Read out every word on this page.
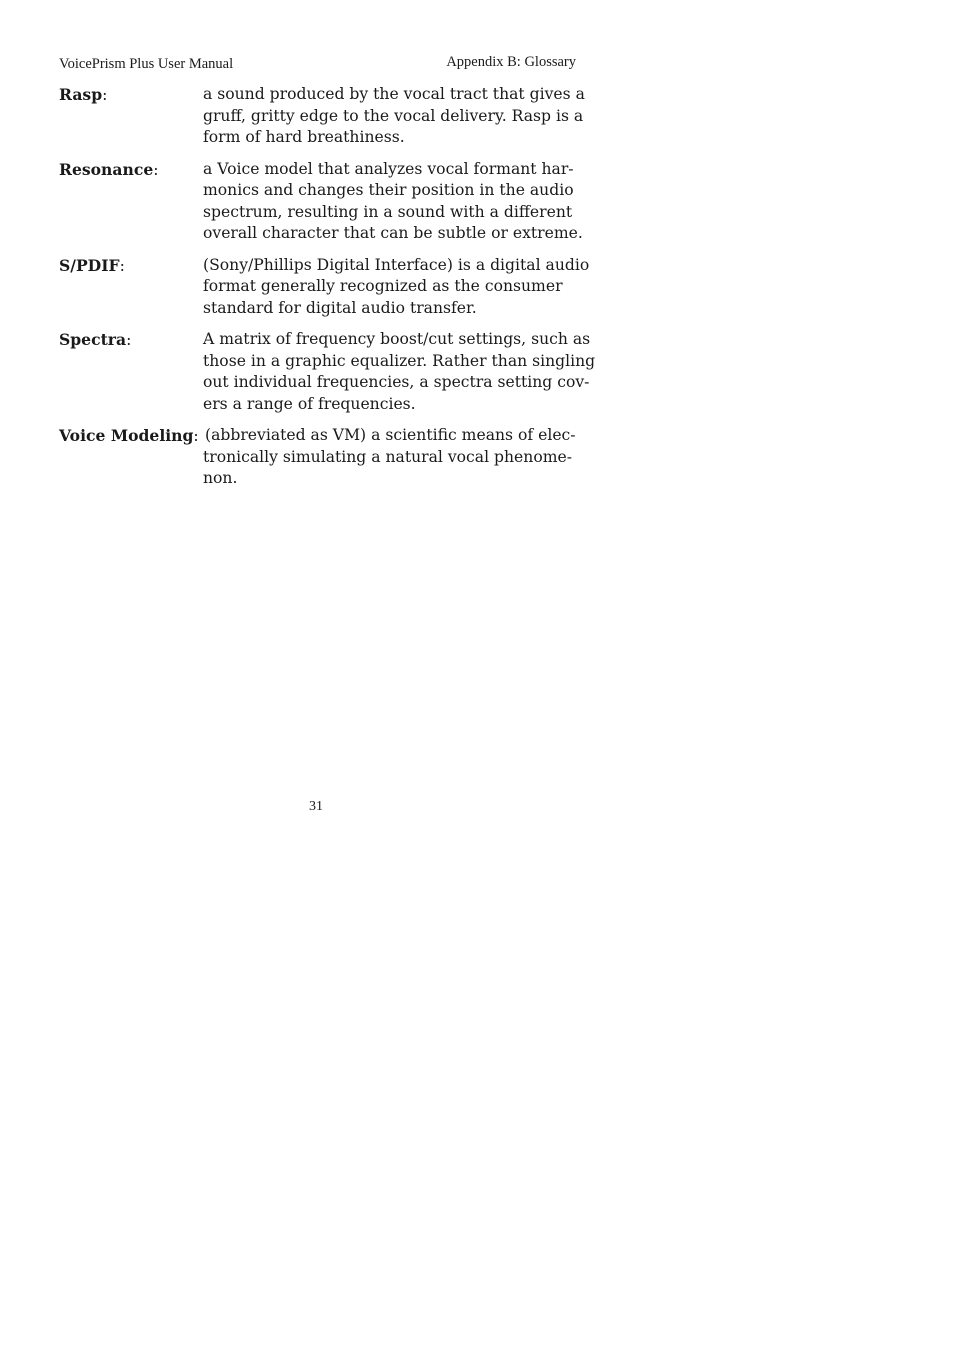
VoicePrism Plus User Manual	Appendix B: Glossary
Rasp:	a sound produced by the vocal tract that gives a
gruff, gritty edge to the vocal delivery. Rasp is a
form of hard breathiness.
Resonance:	a Voice model that analyzes vocal formant har-
monics and changes their position in the audio
spectrum, resulting in a sound with a different
overall character that can be subtle or extreme.
S/PDIF:	(Sony/Phillips Digital Interface) is a digital audio
format generally recognized as the consumer
standard for digital audio transfer.
Spectra:	A matrix of frequency boost/cut settings, such as
those in a graphic equalizer. Rather than singling
out individual frequencies, a spectra setting cov-
ers a range of frequencies.
Voice Modeling: (abbreviated as VM) a scientific means of elec-
tronically simulating a natural vocal phenome-
non.
31
